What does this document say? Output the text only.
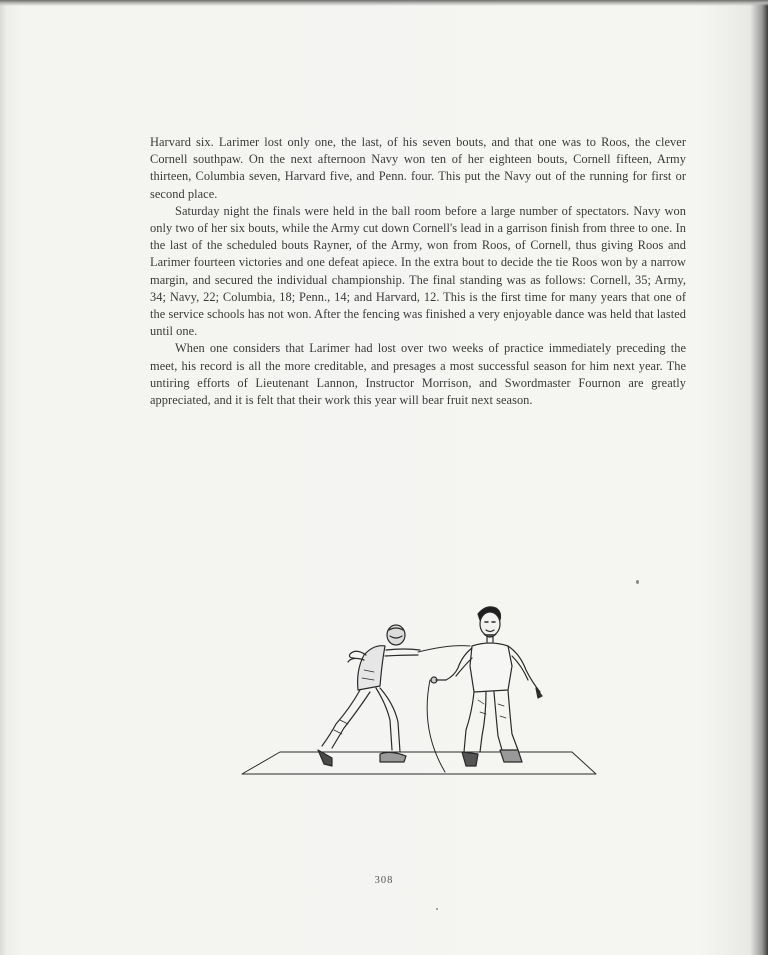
Harvard six. Larimer lost only one, the last, of his seven bouts, and that one was to Roos, the clever Cornell southpaw. On the next afternoon Navy won ten of her eighteen bouts, Cornell fifteen, Army thirteen, Columbia seven, Harvard five, and Penn. four. This put the Navy out of the running for first or second place.

Saturday night the finals were held in the ball room before a large number of spectators. Navy won only two of her six bouts, while the Army cut down Cornell's lead in a garrison finish from three to one. In the last of the scheduled bouts Rayner, of the Army, won from Roos, of Cornell, thus giving Roos and Larimer fourteen victories and one defeat apiece. In the extra bout to decide the tie Roos won by a narrow margin, and secured the individual championship. The final standing was as follows: Cornell, 35; Army, 34; Navy, 22; Columbia, 18; Penn., 14; and Harvard, 12. This is the first time for many years that one of the service schools has not won. After the fencing was finished a very enjoyable dance was held that lasted until one.

When one considers that Larimer had lost over two weeks of practice immediately preceding the meet, his record is all the more creditable, and presages a most successful season for him next year. The untiring efforts of Lieutenant Lannon, Instructor Morrison, and Swordmaster Fournon are greatly appreciated, and it is felt that their work this year will bear fruit next season.

308
